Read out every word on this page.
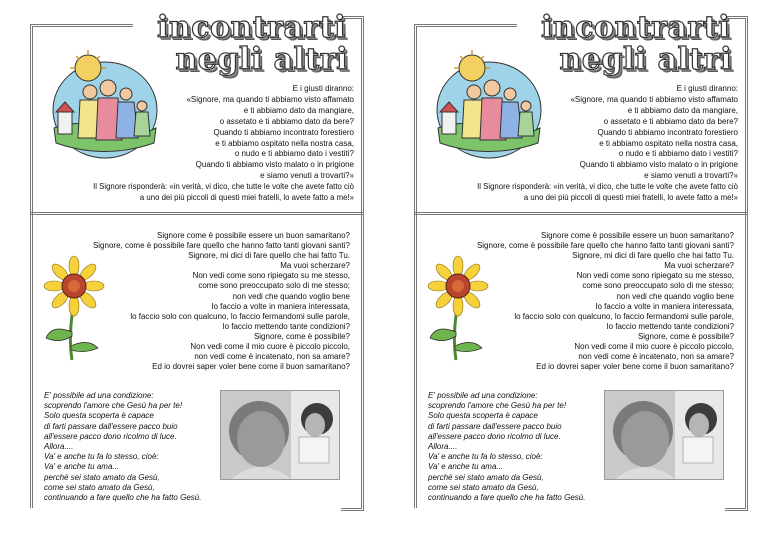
incontrarti
negli altri

E i giusti diranno:

«Signore, ma quando ti abbiamo visto affamato

e ti abbiamo dato da mangiare,

o assetato e ti abbiamo dato da bere?

Quando ti abbiamo incontrato forestiero

e ti abbiamo ospitato nella nostra casa,

o nudo e ti abbiamo dato i vestiti?

Quando ti abbiamo visto malato o in prigione

e siamo venuti a trovarti?»

Il Signore risponderà: «in verità, vi dico, che tutte le volte che avete fatto ciò

a uno dei più piccoli di questi miei fratelli, lo avete fatto a me!»

Signore come è possibile essere un buon samaritano?

Signore, come è possibile fare quello che hanno fatto tanti giovani santi?

Signore, mi dici di fare quello che hai fatto Tu.

Ma vuoi scherzare?

Non vedi come sono ripiegato su me stesso,

come sono preoccupato solo di me stesso;

non vedi che quando voglio bene

lo faccio a volte in maniera interessata,

lo faccio solo con qualcuno, lo faccio fermandomi sulle parole,

lo faccio mettendo tante condizioni?

Signore, come è possibile?

Non vedi come il mio cuore è piccolo piccolo,

non vedi come è incatenato, non sa amare?

Ed io dovrei saper voler bene come il buon samaritano?

E' possibile ad una condizione:

scoprendo l'amore che Gesù ha per te!

Solo questa scoperta è capace

di farti passare dall'essere pacco buio

all'essere pacco dono ricolmo di luce.

Allora....

Va' e anche tu fa lo stesso, cioè:

Va' e anche tu ama...

perché sei stato amato da Gesù,

come sei stato amato da Gesù,

continuando a fare quello che ha fatto Gesù.

incontrarti
negli altri

E i giusti diranno:

«Signore, ma quando ti abbiamo visto affamato

e ti abbiamo dato da mangiare,

o assetato e ti abbiamo dato da bere?

Quando ti abbiamo incontrato forestiero

e ti abbiamo ospitato nella nostra casa,

o nudo e ti abbiamo dato i vestiti?

Quando ti abbiamo visto malato o in prigione

e siamo venuti a trovarti?»

Il Signore risponderà: «in verità, vi dico, che tutte le volte che avete fatto ciò

a uno dei più piccoli di questi miei fratelli, lo avete fatto a me!»

Signore come è possibile essere un buon samaritano?

Signore, come è possibile fare quello che hanno fatto tanti giovani santi?

Signore, mi dici di fare quello che hai fatto Tu.

Ma vuoi scherzare?

Non vedi come sono ripiegato su me stesso,

come sono preoccupato solo di me stesso;

non vedi che quando voglio bene

lo faccio a volte in maniera interessata,

lo faccio solo con qualcuno, lo faccio fermandomi sulle parole,

lo faccio mettendo tante condizioni?

Signore, come è possibile?

Non vedi come il mio cuore è piccolo piccolo,

non vedi come è incatenato, non sa amare?

Ed io dovrei saper voler bene come il buon samaritano?

E' possibile ad una condizione:

scoprendo l'amore che Gesù ha per te!

Solo questa scoperta è capace

di farti passare dall'essere pacco buio

all'essere pacco dono ricolmo di luce.

Allora....

Va' e anche tu fa lo stesso, cioè:

Va' e anche tu ama...

perché sei stato amato da Gesù,

come sei stato amato da Gesù,

continuando a fare quello che ha fatto Gesù.
